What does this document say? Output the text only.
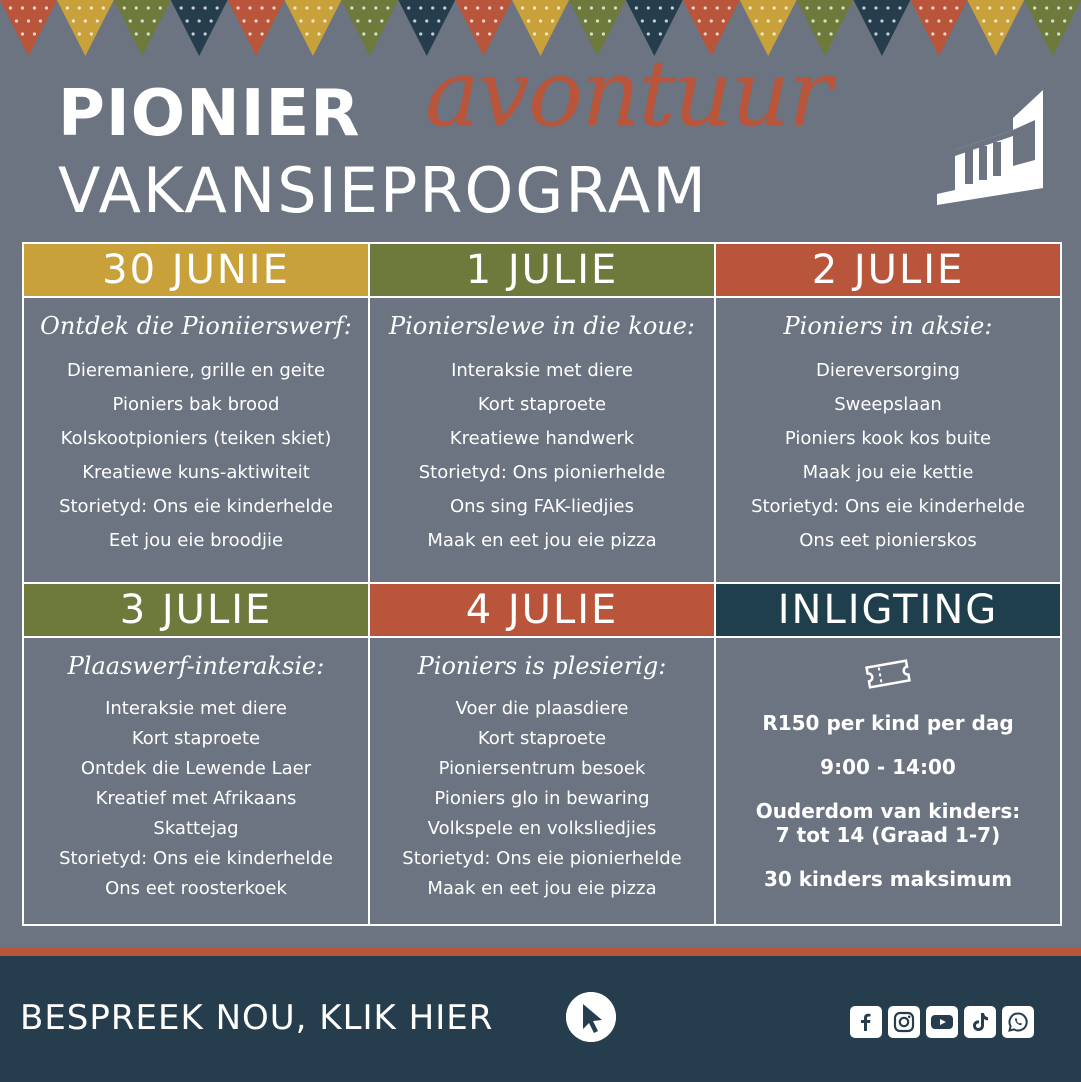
PIONIER avontuur
VAKANSIEPROGRAM
30 JUNIE
Ontdek die Pioniierswerf:
Dieremaniere, grille en geite
Pioniers bak brood
Kolskootpioniers (teiken skiet)
Kreatiewe kuns-aktiwiteit
Storietyd: Ons eie kinderhelde
Eet jou eie broodjie
1 JULIE
Pionierslewe in die koue:
Interaksie met diere
Kort staproete
Kreatiewe handwerk
Storietyd: Ons pionierhelde
Ons sing FAK-liedjies
Maak en eet jou eie pizza
2 JULIE
Pioniers in aksie:
Diereversorging
Sweepslaan
Pioniers kook kos buite
Maak jou eie kettie
Storietyd: Ons eie kinderhelde
Ons eet pionierskos
3 JULIE
Plaaswerf-interaksie:
Interaksie met diere
Kort staproete
Ontdek die Lewende Laer
Kreatief met Afrikaans
Skattejag
Storietyd: Ons eie kinderhelde
Ons eet roosterkoek
4 JULIE
Pioniers is plesierig:
Voer die plaasdiere
Kort staproete
Pioniersentrum besoek
Pioniers glo in bewaring
Volkspele en volksliedjies
Storietyd: Ons eie pionierhelde
Maak en eet jou eie pizza
INLIGTING
R150 per kind per dag
9:00 - 14:00
Ouderdom van kinders:
7 tot 14 (Graad 1-7)
30 kinders maksimum
BESPREEK NOU, KLIK HIER
